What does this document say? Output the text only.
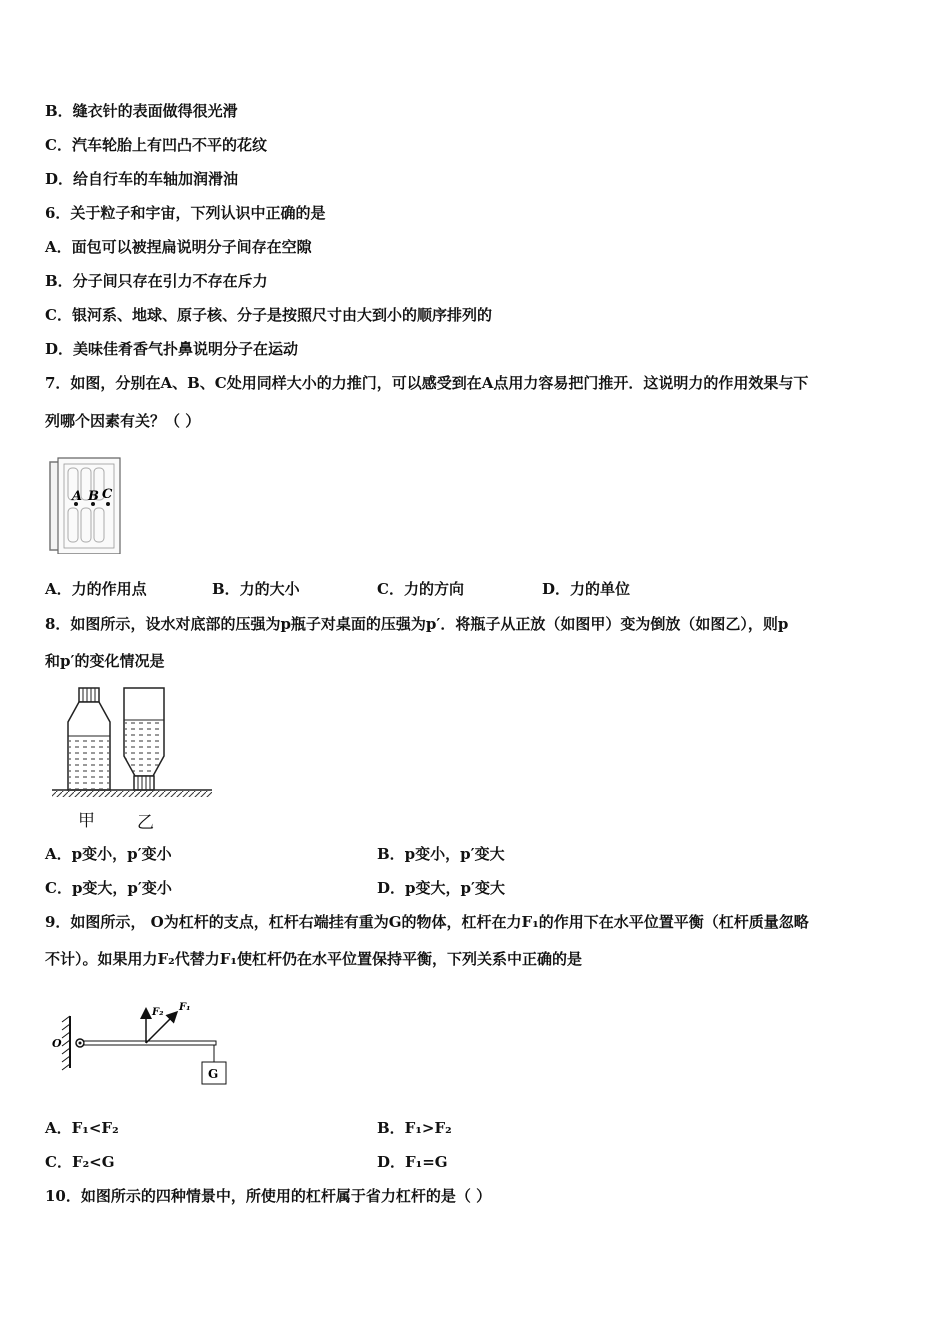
B．缝衣针的表面做得很光滑
C．汽车轮胎上有凹凸不平的花纹
D．给自行车的车轴加润滑油
6．关于粒子和宇宙，下列认识中正确的是
A．面包可以被捏扁说明分子间存在空隙
B．分子间只存在引力不存在斥力
C．银河系、地球、原子核、分子是按照尺寸由大到小的顺序排列的
D．美味佳肴香气扑鼻说明分子在运动
7．如图，分别在A、B、C处用同样大小的力推门，可以感受到在A点用力容易把门推开．这说明力的作用效果与下
列哪个因素有关？（ ）
A B C
A．力的作用点	B．力的大小	C．力的方向	D．力的单位
8．如图所示，设水对底部的压强为p瓶子对桌面的压强为p′．将瓶子从正放（如图甲）变为倒放（如图乙），则p
和p′的变化情况是
甲 乙
A．p变小，p′变小	B．p变小，p′变大
C．p变大，p′变小	D．p变大，p′变大
9．如图所示， O为杠杆的支点，杠杆右端挂有重为G的物体，杠杆在力F₁的作用下在水平位置平衡（杠杆质量忽略
不计）。如果用力F₂代替力F₁使杠杆仍在水平位置保持平衡，下列关系中正确的是
O
F₂ F₁
G
A．F₁<F₂	B．F₁>F₂
C．F₂<G	D．F₁=G
10．如图所示的四种情景中，所使用的杠杆属于省力杠杆的是（ ）
